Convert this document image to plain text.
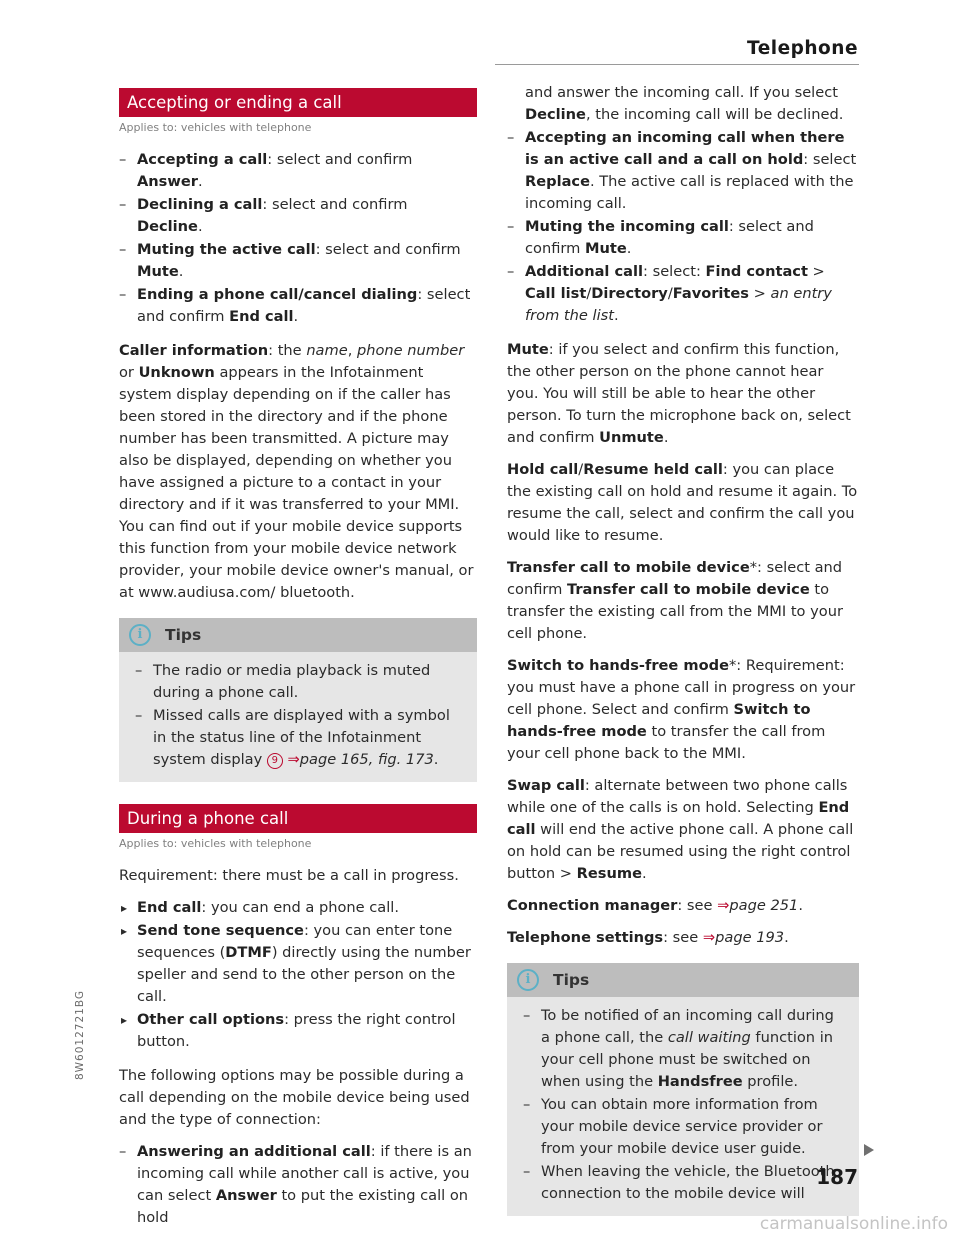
Telephone
Accepting or ending a call
Applies to: vehicles with telephone
– Accepting a call: select and confirm Answer.
– Declining a call: select and confirm Decline.
– Muting the active call: select and confirm Mute.
– Ending a phone call/cancel dialing: select and confirm End call.

Caller information: the name, phone number or Unknown appears in the Infotainment system display depending on if the caller has been stored in the directory and if the phone number has been transmitted. A picture may also be displayed, depending on whether you have assigned a picture to a contact in your directory and if it was transferred to your MMI. You can find out if your mobile device supports this function from your mobile device network provider, your mobile device owner's manual, or at www.audiusa.com/ bluetooth.

i	Tips
– The radio or media playback is muted during a phone call.
– Missed calls are displayed with a symbol in the status line of the Infotainment system display 9 ⇒page 165, fig. 173.
During a phone call
Applies to: vehicles with telephone

Requirement: there must be a call in progress.

▸ End call: you can end a phone call.
▸ Send tone sequence: you can enter tone sequences (DTMF) directly using the number speller and send to the other person on the call.
▸ Other call options: press the right control button.

The following options may be possible during a call depending on the mobile device being used and the type of connection:

– Answering an additional call: if there is an incoming call while another call is active, you can select Answer to put the existing call on hold

and answer the incoming call. If you select Decline, the incoming call will be declined.

– Accepting an incoming call when there is an active call and a call on hold: select Replace. The active call is replaced with the incoming call.
– Muting the incoming call: select and confirm Mute.
– Additional call: select: Find contact > Call list/Directory/Favorites > an entry from the list.

Mute: if you select and confirm this function, the other person on the phone cannot hear you. You will still be able to hear the other person. To turn the microphone back on, select and confirm Unmute.

Hold call/Resume held call: you can place the existing call on hold and resume it again. To resume the call, select and confirm the call you would like to resume.

Transfer call to mobile device*: select and confirm Transfer call to mobile device to transfer the existing call from the MMI to your cell phone.

Switch to hands-free mode*: Requirement: you must have a phone call in progress on your cell phone. Select and confirm Switch to hands-free mode to transfer the call from your cell phone back to the MMI.

Swap call: alternate between two phone calls while one of the calls is on hold. Selecting End call will end the active phone call. A phone call on hold can be resumed using the right control button > Resume.

Connection manager: see ⇒page 251.

Telephone settings: see ⇒page 193.

i	Tips
– To be notified of an incoming call during a phone call, the call waiting function in your cell phone must be switched on when using the Handsfree profile.
– You can obtain more information from your mobile device service provider or from your mobile device user guide.
– When leaving the vehicle, the Bluetooth connection to the mobile device will
8W6012721BG
187
carmanualsonline.info
